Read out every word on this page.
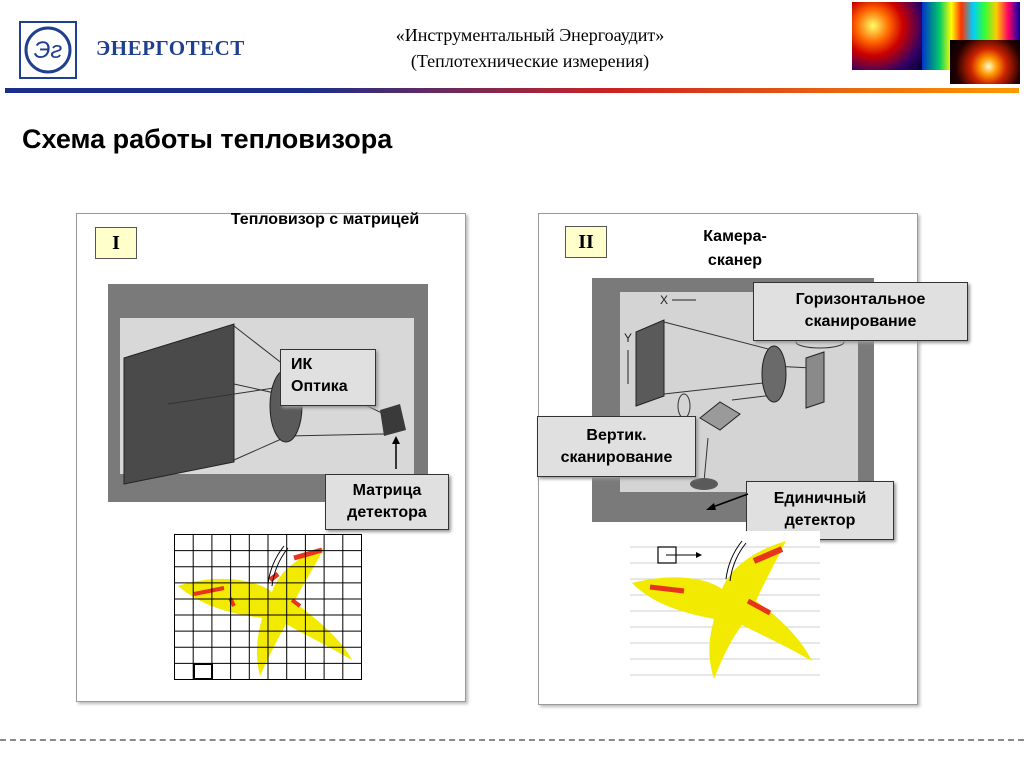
Эг ЭНЕРГОТЕСТ
«Инструментальный Энергоаудит»
(Теплотехнические измерения)
Схема работы тепловизора
Тепловизор с матрицей
I
ИК
Оптика
Матрица
детектора
Камера-
сканер
II
X
Y
Горизонтальное
сканирование
Вертик.
сканирование
Единичный
детектор
